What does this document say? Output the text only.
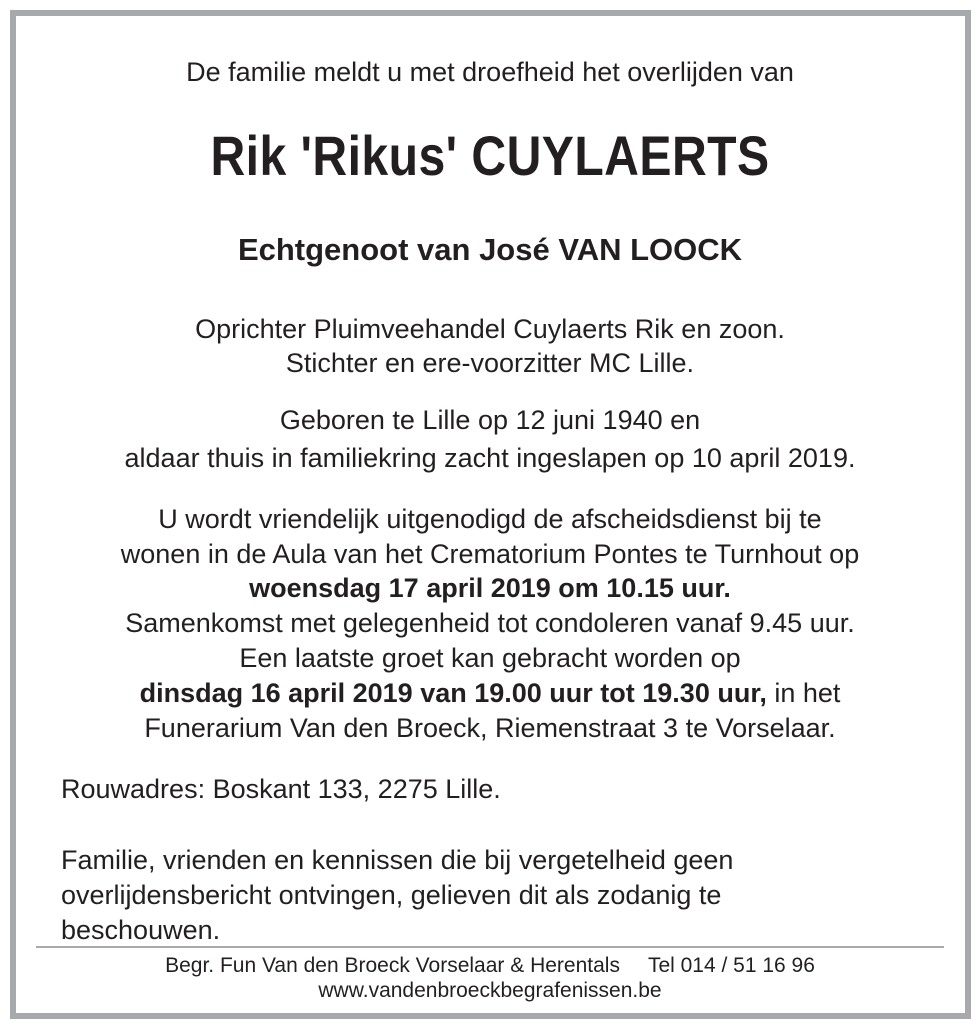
De familie meldt u met droefheid het overlijden van
Rik 'Rikus' CUYLAERTS
Echtgenoot van José VAN LOOCK
Oprichter Pluimveehandel Cuylaerts Rik en zoon.
Stichter en ere-voorzitter MC Lille.
Geboren te Lille op 12 juni 1940 en
aldaar thuis in familiekring zacht ingeslapen op 10 april 2019.
U wordt vriendelijk uitgenodigd de afscheidsdienst bij te
wonen in de Aula van het Crematorium Pontes te Turnhout op
woensdag 17 april 2019 om 10.15 uur.
Samenkomst met gelegenheid tot condoleren vanaf 9.45 uur.
Een laatste groet kan gebracht worden op
dinsdag 16 april 2019 van 19.00 uur tot 19.30 uur, in het
Funerarium Van den Broeck, Riemenstraat 3 te Vorselaar.
Rouwadres: Boskant 133, 2275 Lille.
Familie, vrienden en kennissen die bij vergetelheid geen
overlijdensbericht ontvingen, gelieven dit als zodanig te
beschouwen.
Begr. Fun Van den Broeck Vorselaar & Herentals Tel 014 / 51 16 96
www.vandenbroeckbegrafenissen.be
